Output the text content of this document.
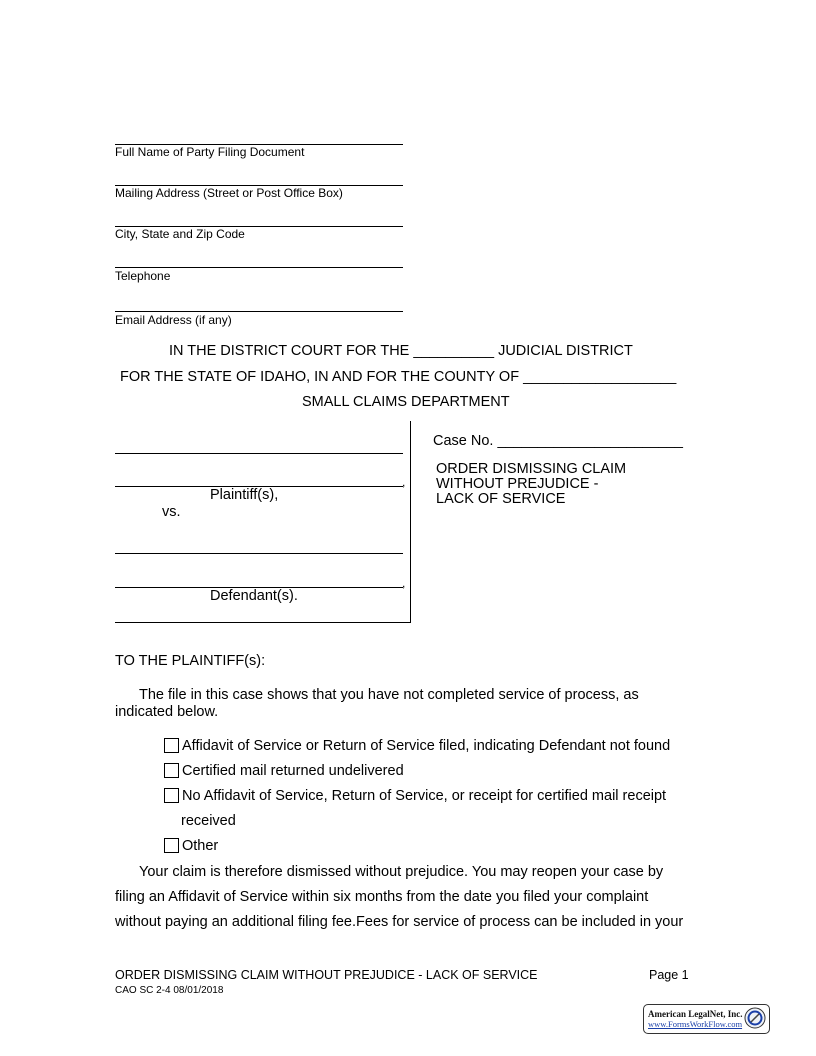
Full Name of Party Filing Document
Mailing Address (Street or Post Office Box)
City, State and Zip Code
Telephone
Email Address (if any)
IN THE DISTRICT COURT FOR THE __________ JUDICIAL DISTRICT
FOR THE STATE OF IDAHO, IN AND FOR THE COUNTY OF ___________________
SMALL CLAIMS DEPARTMENT
,
Plaintiff(s),
vs.
,
Defendant(s).
Case No. _______________________
ORDER DISMISSING CLAIM
WITHOUT PREJUDICE -
LACK OF SERVICE
TO THE PLAINTIFF(s):
The file in this case shows that you have not completed service of process, as
indicated below.
Affidavit of Service or Return of Service filed, indicating Defendant not found
Certified mail returned undelivered
No Affidavit of Service, Return of Service, or receipt for certified mail receipt
received
Other
Your claim is therefore dismissed without prejudice. You may reopen your case by
filing an Affidavit of Service within six months from the date you filed your complaint
without paying an additional filing fee.Fees for service of process can be included in your
ORDER DISMISSING CLAIM WITHOUT PREJUDICE - LACK OF SERVICE	Page 1
CAO SC 2-4 08/01/2018
American LegalNet, Inc.
www.FormsWorkFlow.com
